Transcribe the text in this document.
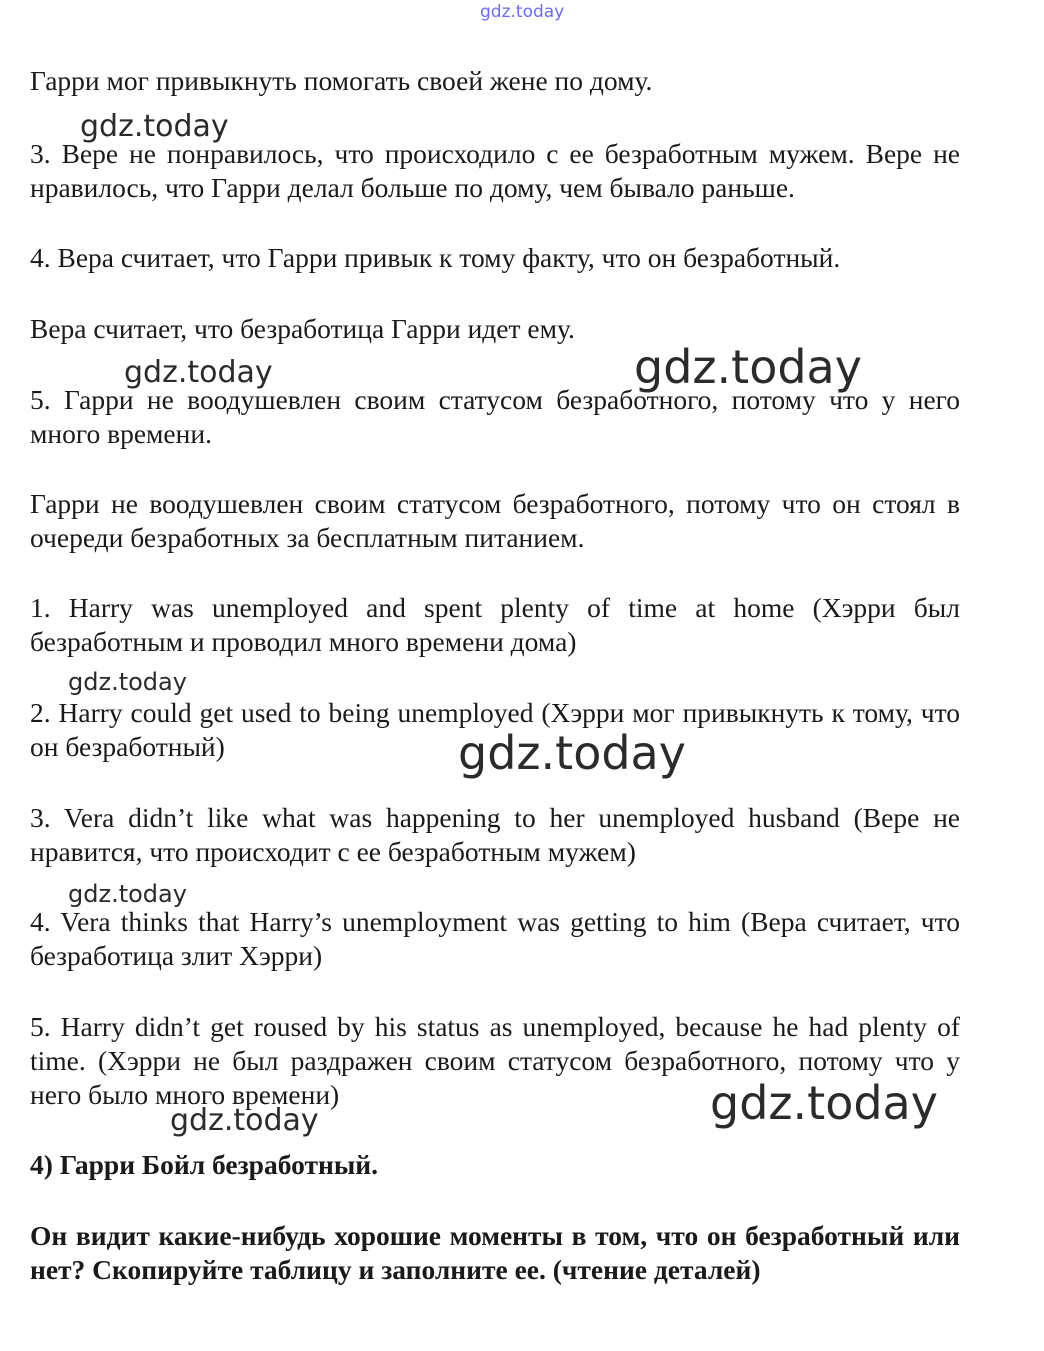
gdz.today
gdz.today
gdz.today	gdz.today
gdz.today
gdz.today
gdz.today
gdz.today
gdz.today

Гарри мог привыкнуть помогать своей жене по дому.

3. Вере не понравилось, что происходило с ее безработным мужем. Вере не нравилось, что Гарри делал больше по дому, чем бывало раньше.

4. Вера считает, что Гарри привык к тому факту, что он безработный.

Вера считает, что безработица Гарри идет ему.

5. Гарри не воодушевлен своим статусом безработного, потому что у него много времени.

Гарри не воодушевлен своим статусом безработного, потому что он стоял в очереди безработных за бесплатным питанием.

1. Harry was unemployed and spent plenty of time at home (Хэрри был безработным и проводил много времени дома)

2. Harry could get used to being unemployed (Хэрри мог привыкнуть к тому, что он безработный)

3. Vera didn’t like what was happening to her unemployed husband (Вере не нравится, что происходит с ее безработным мужем)

4. Vera thinks that Harry’s unemployment was getting to him (Вера считает, что безработица злит Хэрри)

5. Harry didn’t get roused by his status as unemployed, because he had plenty of time. (Хэрри не был раздражен своим статусом безработного, потому что у него было много времени)

4) Гарри Бойл безработный.

Он видит какие-нибудь хорошие моменты в том, что он безработный или нет? Скопируйте таблицу и заполните ее. (чтение деталей)
